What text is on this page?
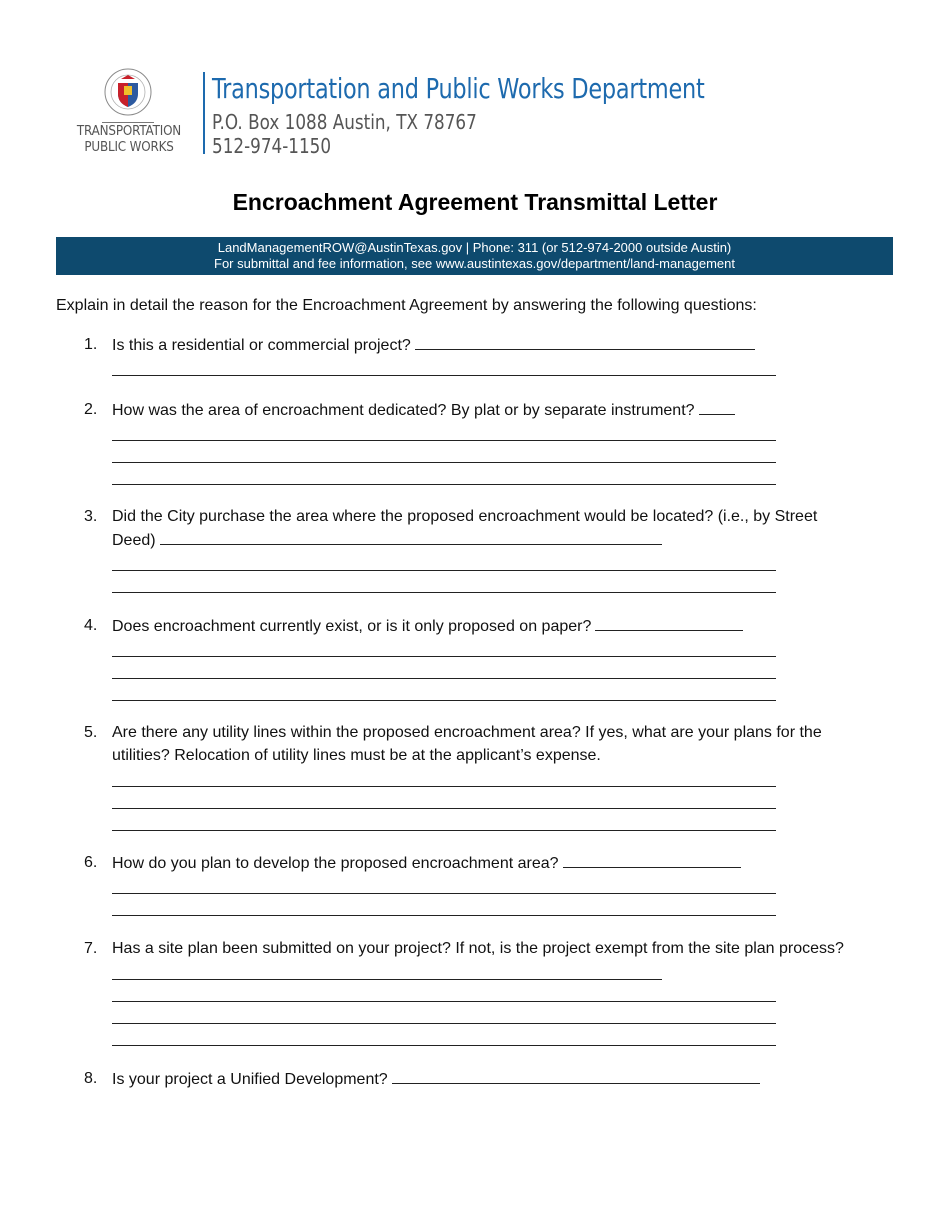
TRANSPORTATION
PUBLIC WORKS
Transportation and Public Works Department
P.O. Box 1088 Austin, TX 78767
512-974-1150
Encroachment Agreement Transmittal Letter
LandManagementROW@AustinTexas.gov | Phone: 311 (or 512-974-2000 outside Austin)
For submittal and fee information, see www.austintexas.gov/department/land-management
Explain in detail the reason for the Encroachment Agreement by answering the following questions:
1. Is this a residential or commercial project?
2. How was the area of encroachment dedicated? By plat or by separate instrument?
3. Did the City purchase the area where the proposed encroachment would be located? (i.e., by Street
Deed)
4. Does encroachment currently exist, or is it only proposed on paper?
5. Are there any utility lines within the proposed encroachment area? If yes, what are your plans for the
utilities? Relocation of utility lines must be at the applicant’s expense.
6. How do you plan to develop the proposed encroachment area?
7. Has a site plan been submitted on your project? If not, is the project exempt from the site plan process?
8. Is your project a Unified Development?
